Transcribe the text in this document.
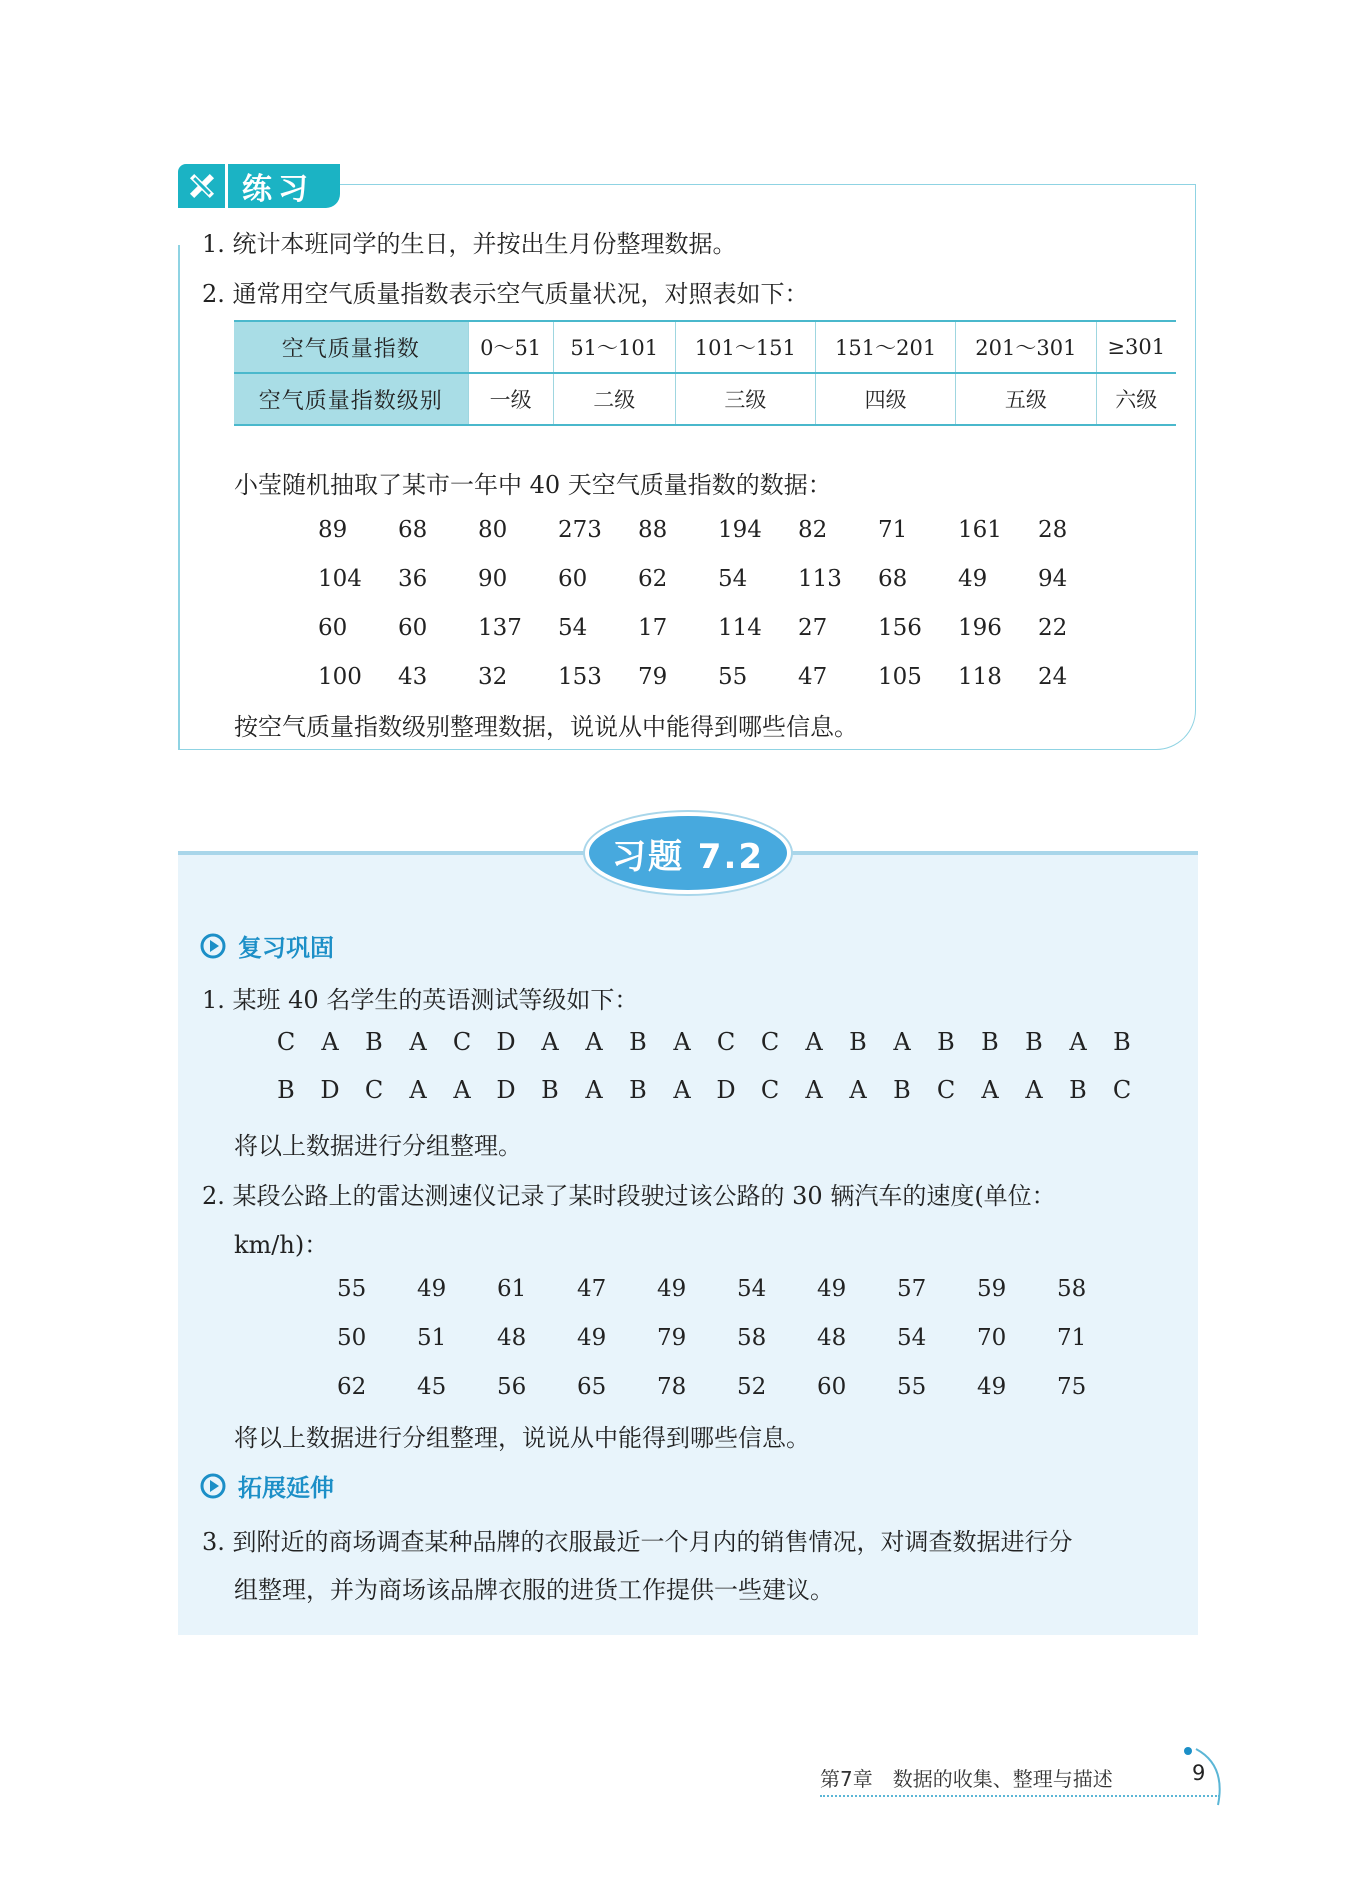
练习
1. 统计本班同学的生日，并按出生月份整理数据。
2. 通常用空气质量指数表示空气质量状况，对照表如下：
空气质量指数	0～51	51～101	101～151	151～201	201～301	≥301
空气质量指数级别	一级	二级	三级	四级	五级	六级
小莹随机抽取了某市一年中 40 天空气质量指数的数据：
89	68	80	273	88	194	82	71	161	28
104	36	90	60	62	54	113	68	49	94
60	60	137	54	17	114	27	156	196	22
100	43	32	153	79	55	47	105	118	24
按空气质量指数级别整理数据，说说从中能得到哪些信息。
习题 7.2
复习巩固
1. 某班 40 名学生的英语测试等级如下：
C	A	B	A	C	D	A	A	B	A	C	C	A	B	A	B	B	B	A	B
B	D	C	A	A	D	B	A	B	A	D	C	A	A	B	C	A	A	B	C
将以上数据进行分组整理。
2. 某段公路上的雷达测速仪记录了某时段驶过该公路的 30 辆汽车的速度(单位：
km/h)：
55	49	61	47	49	54	49	57	59	58
50	51	48	49	79	58	48	54	70	71
62	45	56	65	78	52	60	55	49	75
将以上数据进行分组整理，说说从中能得到哪些信息。
拓展延伸
3. 到附近的商场调查某种品牌的衣服最近一个月内的销售情况，对调查数据进行分
组整理，并为商场该品牌衣服的进货工作提供一些建议。
第7章　数据的收集、整理与描述	9
